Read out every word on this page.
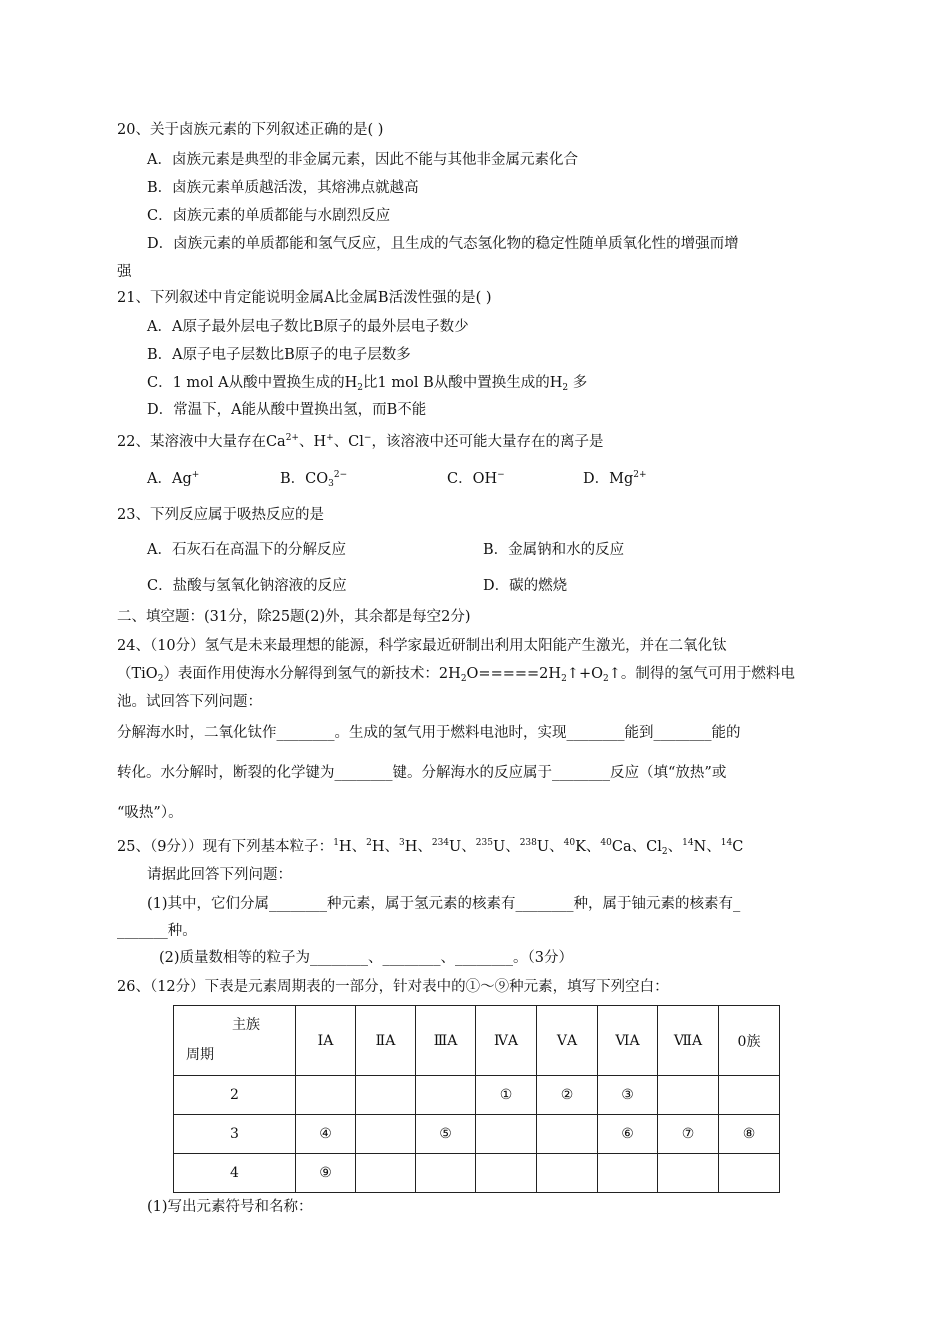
20、关于卤族元素的下列叙述正确的是( )
A．卤族元素是典型的非金属元素，因此不能与其他非金属元素化合
B．卤族元素单质越活泼，其熔沸点就越高
C．卤族元素的单质都能与水剧烈反应
D．卤族元素的单质都能和氢气反应，且生成的气态氢化物的稳定性随单质氧化性的增强而增
强
21、下列叙述中肯定能说明金属A比金属B活泼性强的是( )
A．A原子最外层电子数比B原子的最外层电子数少
B．A原子电子层数比B原子的电子层数多
C．1 mol A从酸中置换生成的$H_2$比1 mol B从酸中置换生成的$H_2$ 多
D．常温下，A能从酸中置换出氢，而B不能
22、某溶液中大量存在$Ca^{2+}$、H+、Cl−，该溶液中还可能大量存在的离子是
A．Ag+	B．$CO_3^{2-}$	C．OH−	D．$Mg^{2+}$
23、下列反应属于吸热反应的是
A．石灰石在高温下的分解反应	B．金属钠和水的反应
C．盐酸与氢氧化钠溶液的反应	D．碳的燃烧
二、填空题：(31分，除25题(2)外，其余都是每空2分)
24、（10分）氢气是未来最理想的能源，科学家最近研制出利用太阳能产生激光，并在二氧化钛
（TiO$_2$）表面作用使海水分解得到氢气的新技术：$2H_2O=====2H_2↑+O_2↑$。制得的氢气可用于燃料电
池。试回答下列问题：
分解海水时，二氧化钛作________。生成的氢气用于燃料电池时，实现________能到________能的
转化。水分解时，断裂的化学键为________键。分解海水的反应属于________反应（填“放热”或
“吸热”）。
25、（9分））现有下列基本粒子：$^1$H、$^2$H、$^3$H、$^{234}$U、$^{235}$U、$^{238}$U、$^{40}$K、$^{40}$Ca、$Cl_2$、$^{14}$N、$^{14}$C
请据此回答下列问题：
(1)其中，它们分属________种元素，属于氢元素的核素有________种，属于铀元素的核素有_
_______种。
(2)质量数相等的粒子为________、________、________。（3分）
26、（12分）下表是元素周期表的一部分，针对表中的①～⑨种元素，填写下列空白：
主族
周期	ⅠA	ⅡA	ⅢA	ⅣA	ⅤA	ⅥA	ⅦA	0族
2				①	②	③		
3	④		⑤			⑥	⑦	⑧
4	⑨							
(1)写出元素符号和名称：
